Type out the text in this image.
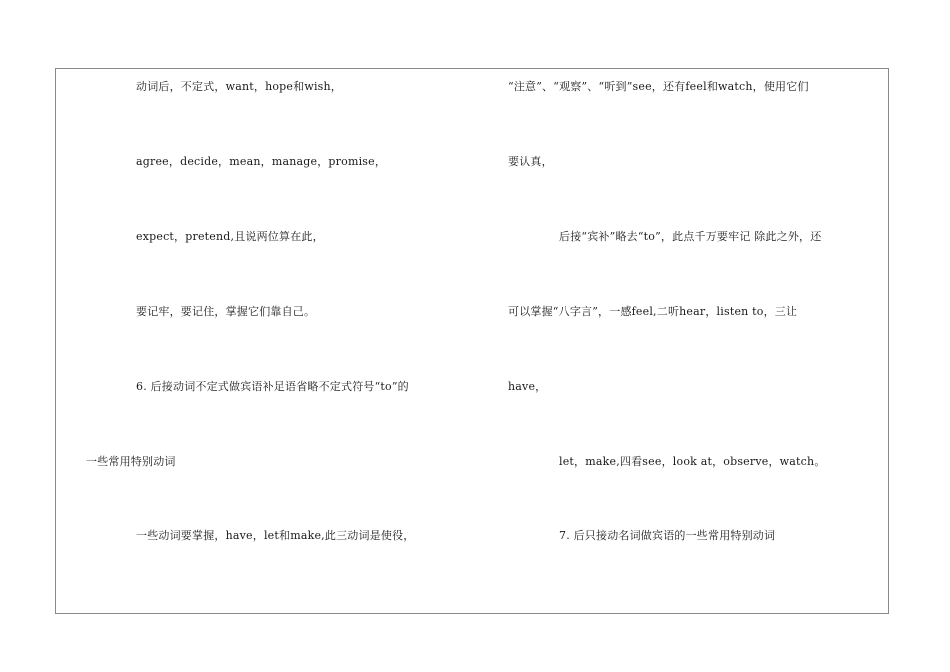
动词后，不定式，want，hope和wish，
agree，decide，mean，manage，promise，
expect，pretend,且说两位算在此，
要记牢，要记住，掌握它们靠自己。
6. 后接动词不定式做宾语补足语省略不定式符号“to”的
一些常用特别动词
一些动词要掌握，have，let和make,此三动词是使役，
“注意”、“观察”、“听到”see，还有feel和watch，使用它们
要认真，
后接“宾补”略去“to”，此点千万要牢记 除此之外，还
可以掌握“八字言”，一感feel,二听hear，listen to，三让
have，
let，make,四看see，look at，observe，watch。
7. 后只接动名词做宾语的一些常用特别动词
